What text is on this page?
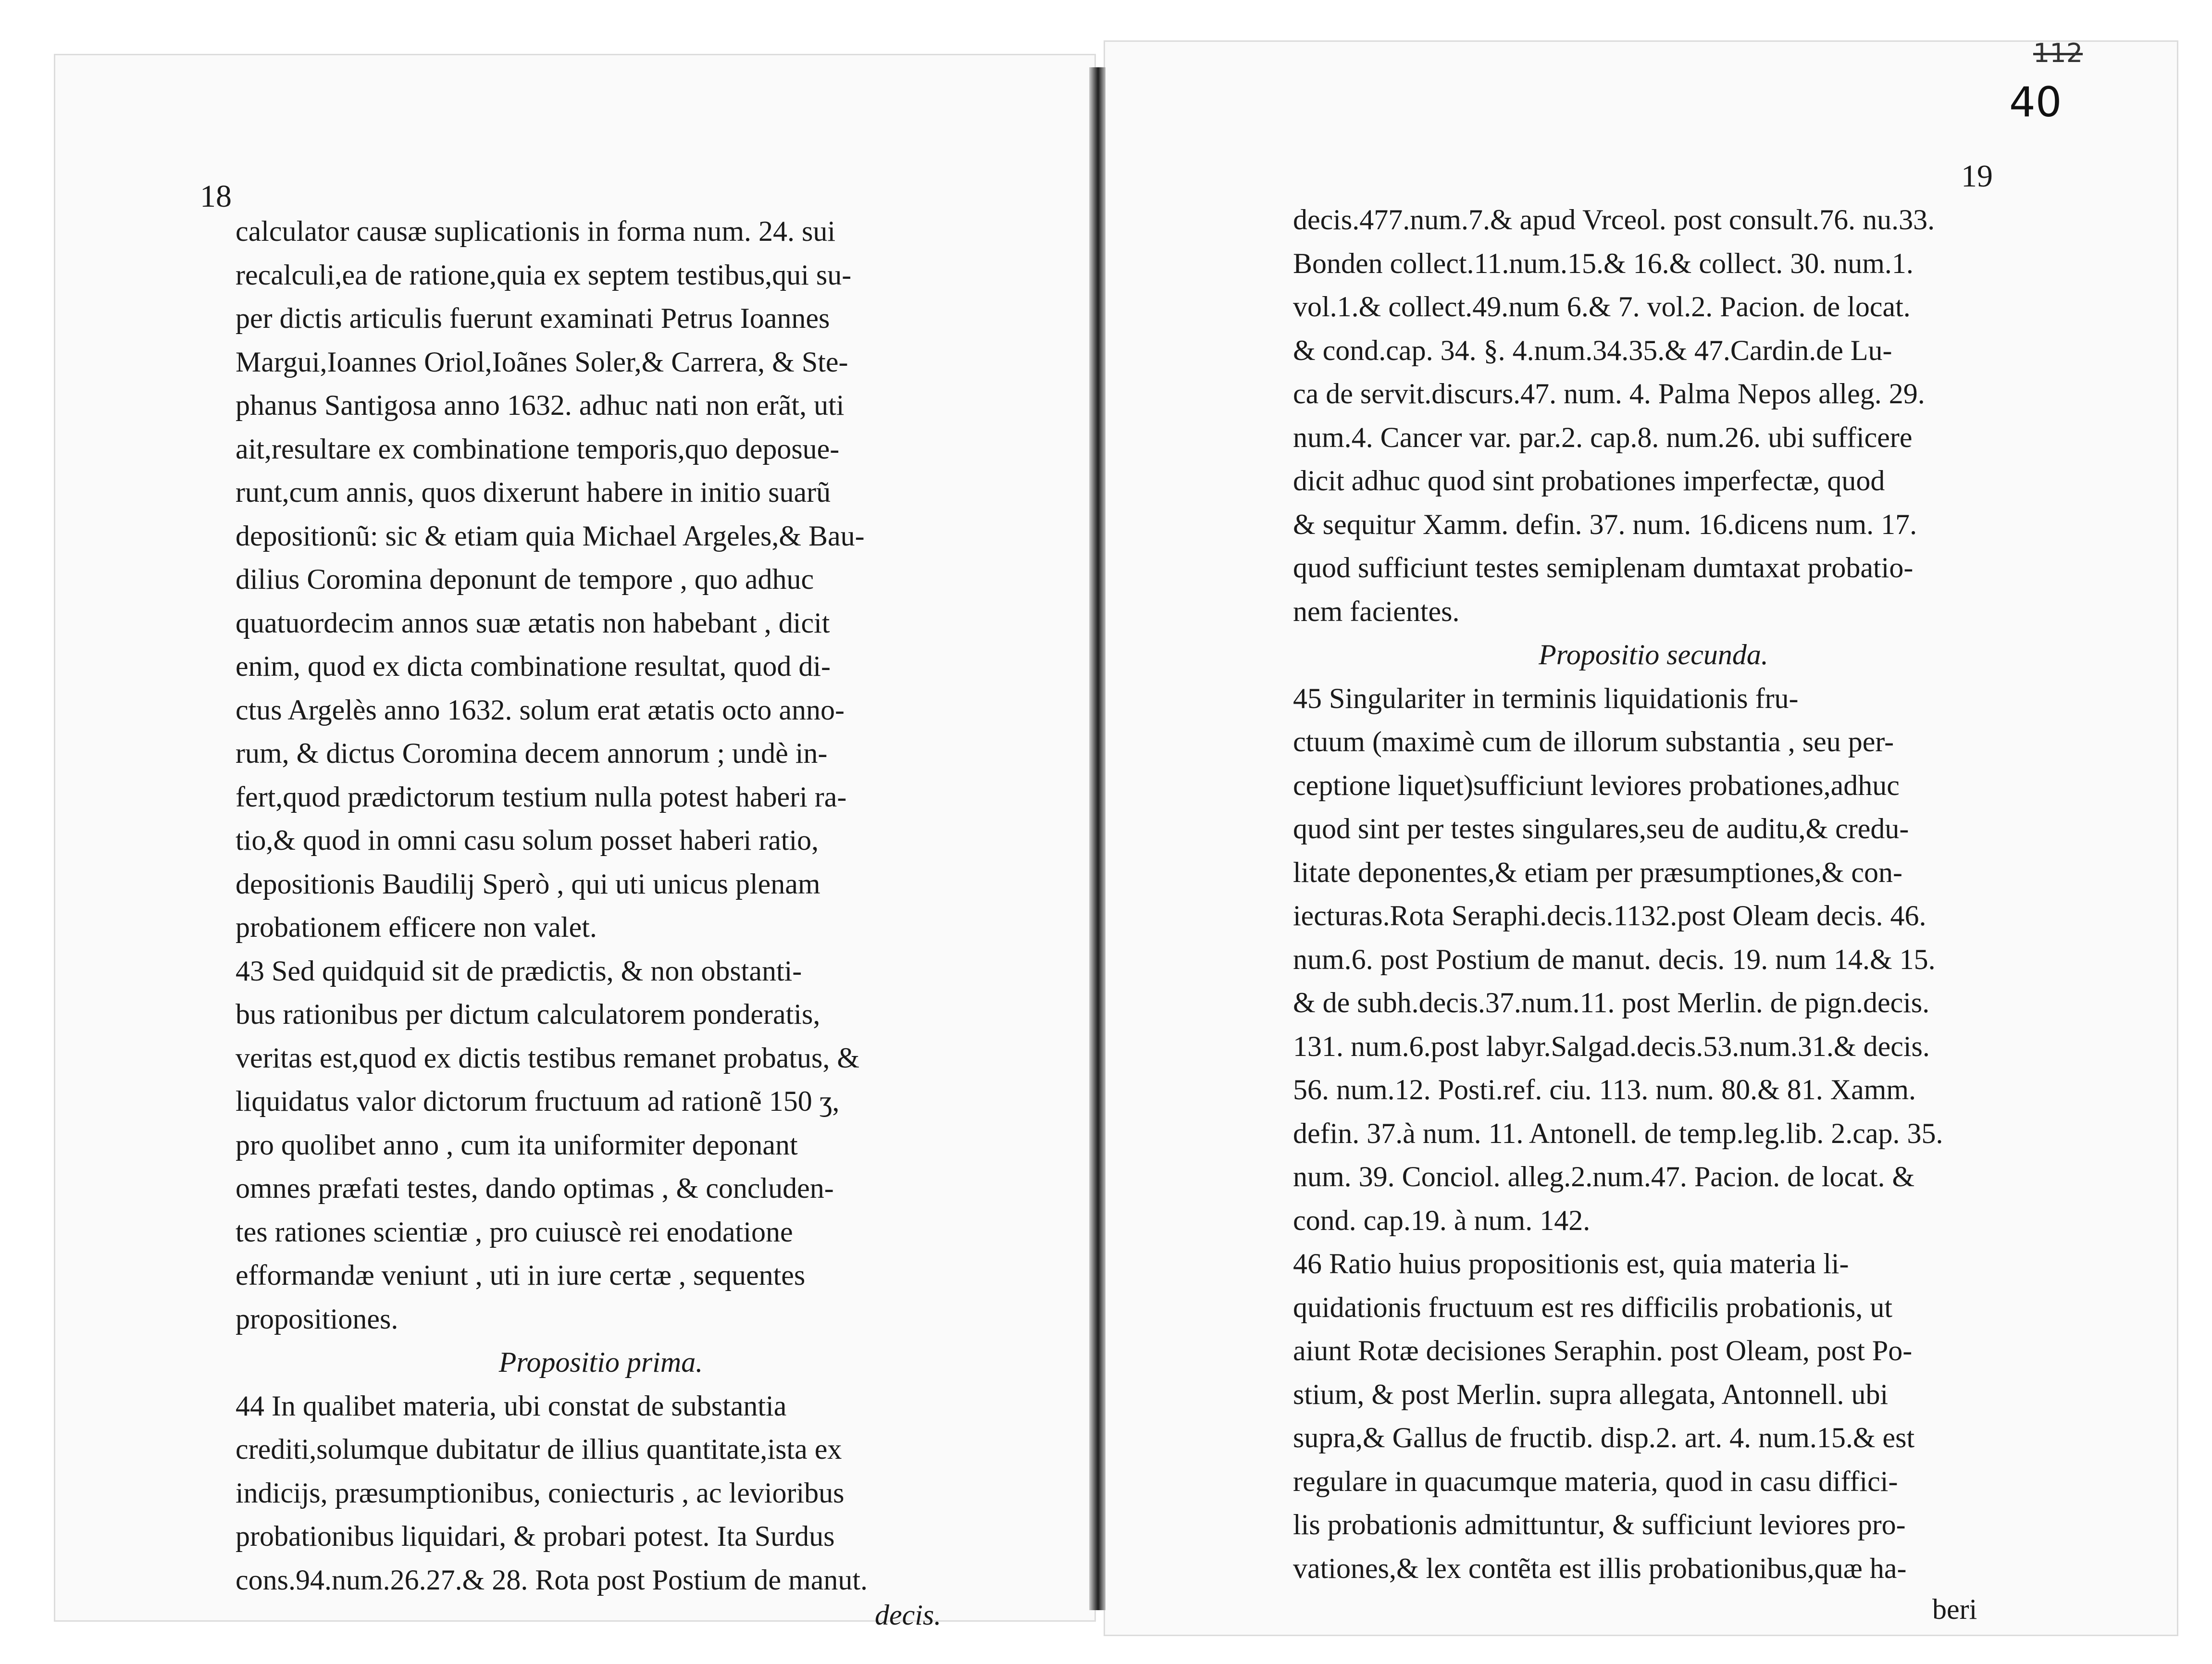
18
19
112
40
calculator causæ suplicationis in forma num. 24. sui
recalculi,ea de ratione,quia ex septem testibus,qui su-
per dictis articulis fuerunt examinati Petrus Ioannes
Margui,Ioannes Oriol,Ioãnes Soler,& Carrera, & Ste-
phanus Santigosa anno 1632. adhuc nati non erãt, uti
ait,resultare ex combinatione temporis,quo deposue-
runt,cum annis, quos dixerunt habere in initio suarũ
depositionũ: sic & etiam quia Michael Argeles,& Bau-
dilius Coromina deponunt de tempore , quo adhuc
quatuordecim annos suæ ætatis non habebant , dicit
enim, quod ex dicta combinatione resultat, quod di-
ctus Argelès anno 1632. solum erat ætatis octo anno-
rum, & dictus Coromina decem annorum ; undè in-
fert,quod prædictorum testium nulla potest haberi ra-
tio,& quod in omni casu solum posset haberi ratio,
depositionis Baudilij Sperò , qui uti unicus plenam
probationem efficere non valet.
43 Sed quidquid sit de prædictis, & non obstanti-
bus rationibus per dictum calculatorem ponderatis,
veritas est,quod ex dictis testibus remanet probatus, &
liquidatus valor dictorum fructuum ad rationẽ 150 ʒ,
pro quolibet anno , cum ita uniformiter deponant
omnes præfati testes, dando optimas , & concluden-
tes rationes scientiæ , pro cuiuscè rei enodatione
efformandæ veniunt , uti in iure certæ , sequentes
propositiones.
Propositio prima.
44 In qualibet materia, ubi constat de substantia
crediti,solumque dubitatur de illius quantitate,ista ex
indicijs, præsumptionibus, coniecturis , ac levioribus
probationibus liquidari, & probari potest. Ita Surdus
cons.94.num.26.27.& 28. Rota post Postium de manut.
decis.
decis.477.num.7.& apud Vrceol. post consult.76. nu.33.
Bonden collect.11.num.15.& 16.& collect. 30. num.1.
vol.1.& collect.49.num 6.& 7. vol.2. Pacion. de locat.
& cond.cap. 34. §. 4.num.34.35.& 47.Cardin.de Lu-
ca de servit.discurs.47. num. 4. Palma Nepos alleg. 29.
num.4. Cancer var. par.2. cap.8. num.26. ubi sufficere
dicit adhuc quod sint probationes imperfectæ, quod
& sequitur Xamm. defin. 37. num. 16.dicens num. 17.
quod sufficiunt testes semiplenam dumtaxat probatio-
nem facientes.
Propositio secunda.
45 Singulariter in terminis liquidationis fru-
ctuum (maximè cum de illorum substantia , seu per-
ceptione liquet)sufficiunt leviores probationes,adhuc
quod sint per testes singulares,seu de auditu,& credu-
litate deponentes,& etiam per præsumptiones,& con-
iecturas.Rota Seraphi.decis.1132.post Oleam decis. 46.
num.6. post Postium de manut. decis. 19. num 14.& 15.
& de subh.decis.37.num.11. post Merlin. de pign.decis.
131. num.6.post labyr.Salgad.decis.53.num.31.& decis.
56. num.12. Posti.ref. ciu. 113. num. 80.& 81. Xamm.
defin. 37.à num. 11. Antonell. de temp.leg.lib. 2.cap. 35.
num. 39. Conciol. alleg.2.num.47. Pacion. de locat. &
cond. cap.19. à num. 142.
46 Ratio huius propositionis est, quia materia li-
quidationis fructuum est res difficilis probationis, ut
aiunt Rotæ decisiones Seraphin. post Oleam, post Po-
stium, & post Merlin. supra allegata, Antonnell. ubi
supra,& Gallus de fructib. disp.2. art. 4. num.15.& est
regulare in quacumque materia, quod in casu diffici-
lis probationis admittuntur, & sufficiunt leviores pro-
vationes,& lex contẽta est illis probationibus,quæ ha-
beri
